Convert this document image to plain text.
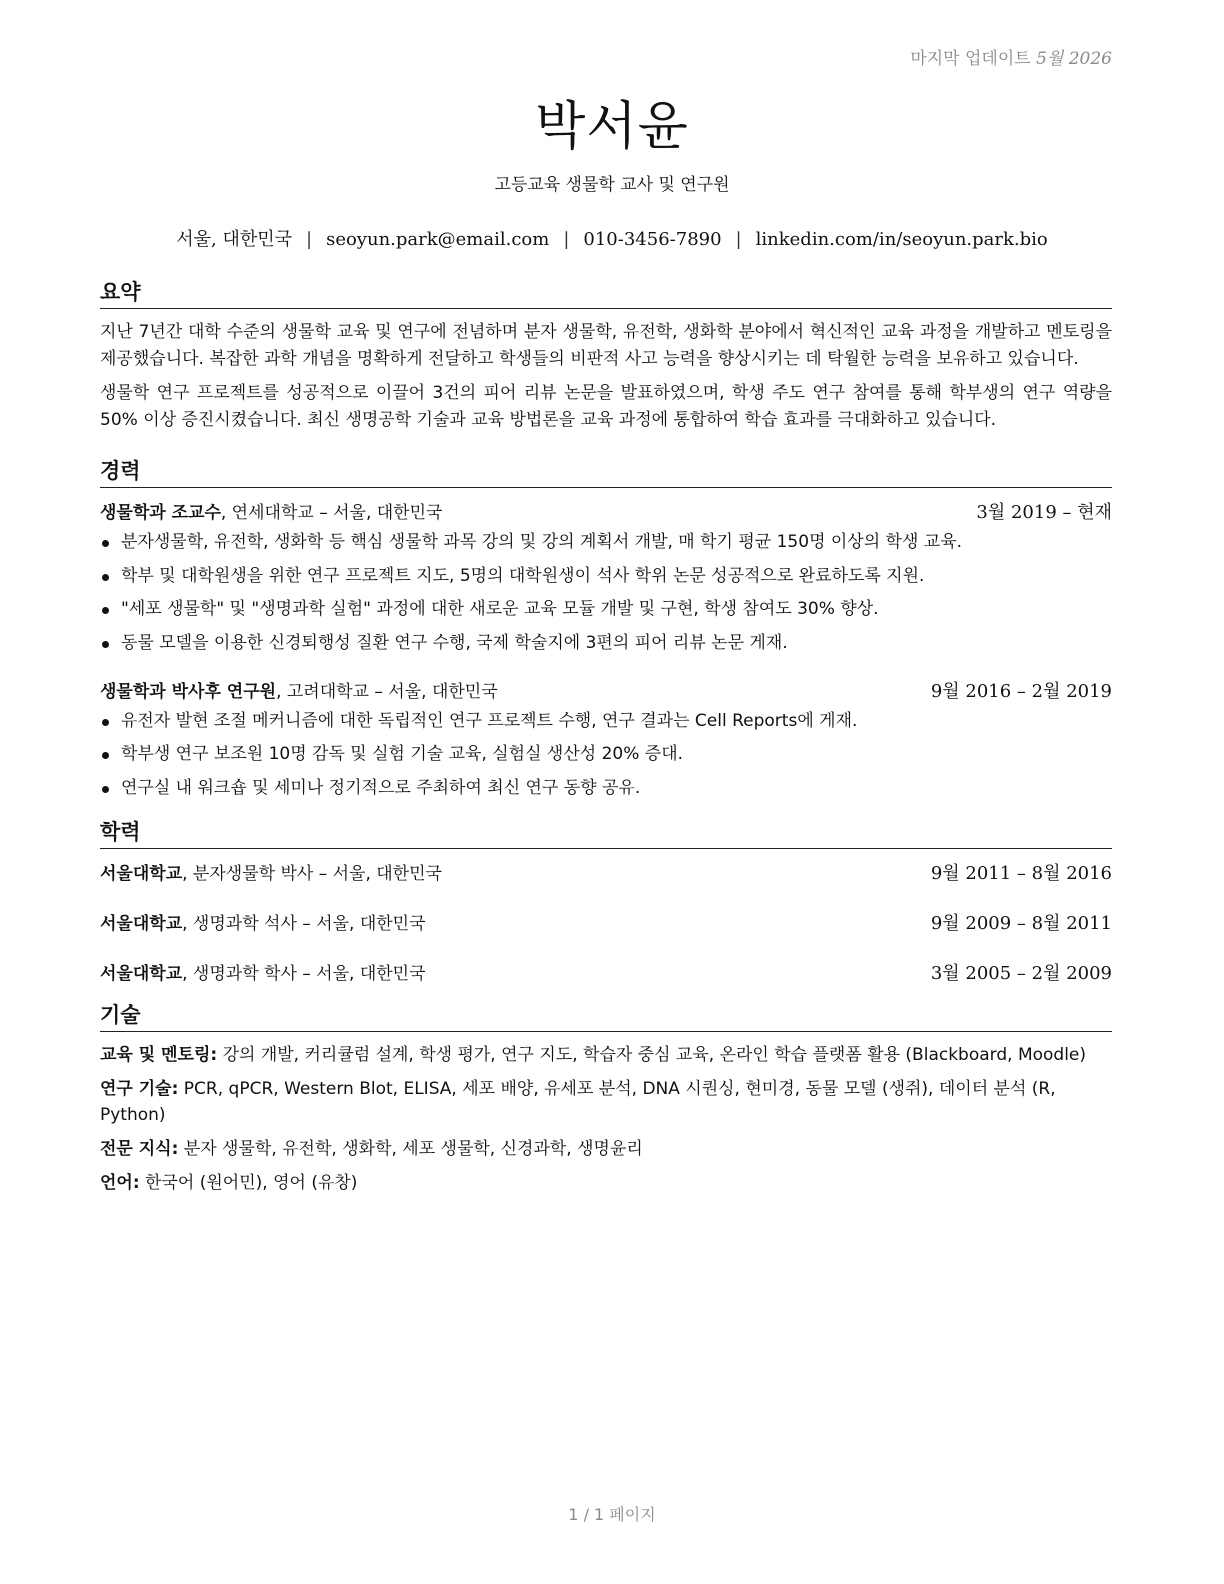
마지막 업데이트 5월 2026
박서윤
고등교육 생물학 교사 및 연구원
서울, 대한민국 | seoyun.park@email.com | 010-3456-7890 | linkedin.com/in/seoyun.park.bio
요약

지난 7년간 대학 수준의 생물학 교육 및 연구에 전념하며 분자 생물학, 유전학, 생화학 분야에서 혁신적인 교육 과정을 개발하고 멘토링을 제공했습니다. 복잡한 과학 개념을 명확하게 전달하고 학생들의 비판적 사고 능력을 향상시키는 데 탁월한 능력을 보유하고 있습니다.

생물학 연구 프로젝트를 성공적으로 이끌어 3건의 피어 리뷰 논문을 발표하였으며, 학생 주도 연구 참여를 통해 학부생의 연구 역량을 50% 이상 증진시켰습니다. 최신 생명공학 기술과 교육 방법론을 교육 과정에 통합하여 학습 효과를 극대화하고 있습니다.

경력
생물학과 조교수, 연세대학교 – 서울, 대한민국	3월 2019 – 현재
분자생물학, 유전학, 생화학 등 핵심 생물학 과목 강의 및 강의 계획서 개발, 매 학기 평균 150명 이상의 학생 교육.
학부 및 대학원생을 위한 연구 프로젝트 지도, 5명의 대학원생이 석사 학위 논문 성공적으로 완료하도록 지원.
"세포 생물학" 및 "생명과학 실험" 과정에 대한 새로운 교육 모듈 개발 및 구현, 학생 참여도 30% 향상.
동물 모델을 이용한 신경퇴행성 질환 연구 수행, 국제 학술지에 3편의 피어 리뷰 논문 게재.
생물학과 박사후 연구원, 고려대학교 – 서울, 대한민국	9월 2016 – 2월 2019
유전자 발현 조절 메커니즘에 대한 독립적인 연구 프로젝트 수행, 연구 결과는 Cell Reports에 게재.
학부생 연구 보조원 10명 감독 및 실험 기술 교육, 실험실 생산성 20% 증대.
연구실 내 워크숍 및 세미나 정기적으로 주최하여 최신 연구 동향 공유.
학력
서울대학교, 분자생물학 박사 – 서울, 대한민국	9월 2011 – 8월 2016
서울대학교, 생명과학 석사 – 서울, 대한민국	9월 2009 – 8월 2011
서울대학교, 생명과학 학사 – 서울, 대한민국	3월 2005 – 2월 2009
기술

교육 및 멘토링: 강의 개발, 커리큘럼 설계, 학생 평가, 연구 지도, 학습자 중심 교육, 온라인 학습 플랫폼 활용 (Blackboard, Moodle)

연구 기술: PCR, qPCR, Western Blot, ELISA, 세포 배양, 유세포 분석, DNA 시퀀싱, 현미경, 동물 모델 (생쥐), 데이터 분석 (R, Python)

전문 지식: 분자 생물학, 유전학, 생화학, 세포 생물학, 신경과학, 생명윤리

언어: 한국어 (원어민), 영어 (유창)

1 / 1 페이지
